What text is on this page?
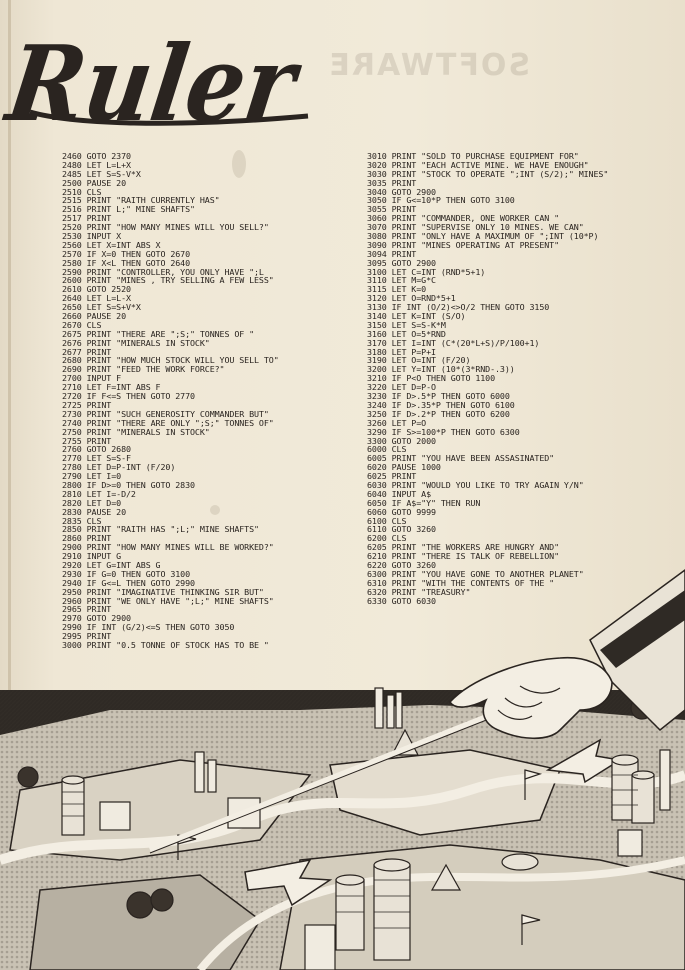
SOFTWARE
Ruler
2460 GOTO 2370
2480 LET L=L+X
2485 LET S=S-V*X
2500 PAUSE 20
2510 CLS
2515 PRINT "RAITH CURRENTLY HAS"
2516 PRINT L;" MINE SHAFTS"
2517 PRINT
2520 PRINT "HOW MANY MINES WILL YOU SELL?"
2530 INPUT X
2560 LET X=INT ABS X
2570 IF X=0 THEN GOTO 2670
2580 IF X<L THEN GOTO 2640
2590 PRINT "CONTROLLER, YOU ONLY HAVE ";L
2600 PRINT "MINES , TRY SELLING A FEW LESS"
2610 GOTO 2520
2640 LET L=L-X
2650 LET S=S+V*X
2660 PAUSE 20
2670 CLS
2675 PRINT "THERE ARE ";S;" TONNES OF "
2676 PRINT "MINERALS IN STOCK"
2677 PRINT
2680 PRINT "HOW MUCH STOCK WILL YOU SELL TO"
2690 PRINT "FEED THE WORK FORCE?"
2700 INPUT F
2710 LET F=INT ABS F
2720 IF F<=S THEN GOTO 2770
2725 PRINT
2730 PRINT "SUCH GENEROSITY COMMANDER BUT"
2740 PRINT "THERE ARE ONLY ";S;" TONNES OF"
2750 PRINT "MINERALS IN STOCK"
2755 PRINT
2760 GOTO 2680
2770 LET S=S-F
2780 LET D=P-INT (F/20)
2790 LET I=0
2800 IF D>=0 THEN GOTO 2830
2810 LET I=-D/2
2820 LET D=0
2830 PAUSE 20
2835 CLS
2850 PRINT "RAITH HAS ";L;" MINE SHAFTS"
2860 PRINT
2900 PRINT "HOW MANY MINES WILL BE WORKED?"
2910 INPUT G
2920 LET G=INT ABS G
2930 IF G=0 THEN GOTO 3100
2940 IF G<=L THEN GOTO 2990
2950 PRINT "IMAGINATIVE THINKING SIR BUT"
2960 PRINT "WE ONLY HAVE ";L;" MINE SHAFTS"
2965 PRINT
2970 GOTO 2900
2990 IF INT (G/2)<=S THEN GOTO 3050
2995 PRINT
3000 PRINT "0.5 TONNE OF STOCK HAS TO BE "
3010 PRINT "SOLD TO PURCHASE EQUIPMENT FOR"
3020 PRINT "EACH ACTIVE MINE. WE HAVE ENOUGH"
3030 PRINT "STOCK TO OPERATE ";INT (S/2);" MINES"
3035 PRINT
3040 GOTO 2900
3050 IF G<=10*P THEN GOTO 3100
3055 PRINT
3060 PRINT "COMMANDER, ONE WORKER CAN "
3070 PRINT "SUPERVISE ONLY 10 MINES. WE CAN"
3080 PRINT "ONLY HAVE A MAXIMUM OF ";INT (10*P)
3090 PRINT "MINES OPERATING AT PRESENT"
3094 PRINT
3095 GOTO 2900
3100 LET C=INT (RND*5+1)
3110 LET M=G*C
3115 LET K=0
3120 LET O=RND*5+1
3130 IF INT (O/2)<>O/2 THEN GOTO 3150
3140 LET K=INT (S/O)
3150 LET S=S-K*M
3160 LET O=5*RND
3170 LET I=INT (C*(20*L+S)/P/100+1)
3180 LET P=P+I
3190 LET O=INT (F/20)
3200 LET Y=INT (10*(3*RND-.3))
3210 IF P<O THEN GOTO 1100
3220 LET D=P-O
3230 IF D>.5*P THEN GOTO 6000
3240 IF D>.35*P THEN GOTO 6100
3250 IF D>.2*P THEN GOTO 6200
3260 LET P=O
3290 IF S>=100*P THEN GOTO 6300
3300 GOTO 2000
6000 CLS
6005 PRINT "YOU HAVE BEEN ASSASINATED"
6020 PAUSE 1000
6025 PRINT
6030 PRINT "WOULD YOU LIKE TO TRY AGAIN Y/N"
6040 INPUT A$
6050 IF A$="Y" THEN RUN
6060 GOTO 9999
6100 CLS
6110 GOTO 3260
6200 CLS
6205 PRINT "THE WORKERS ARE HUNGRY AND"
6210 PRINT "THERE IS TALK OF REBELLION"
6220 GOTO 3260
6300 PRINT "YOU HAVE GONE TO ANOTHER PLANET"
6310 PRINT "WITH THE CONTENTS OF THE "
6320 PRINT "TREASURY"
6330 GOTO 6030
